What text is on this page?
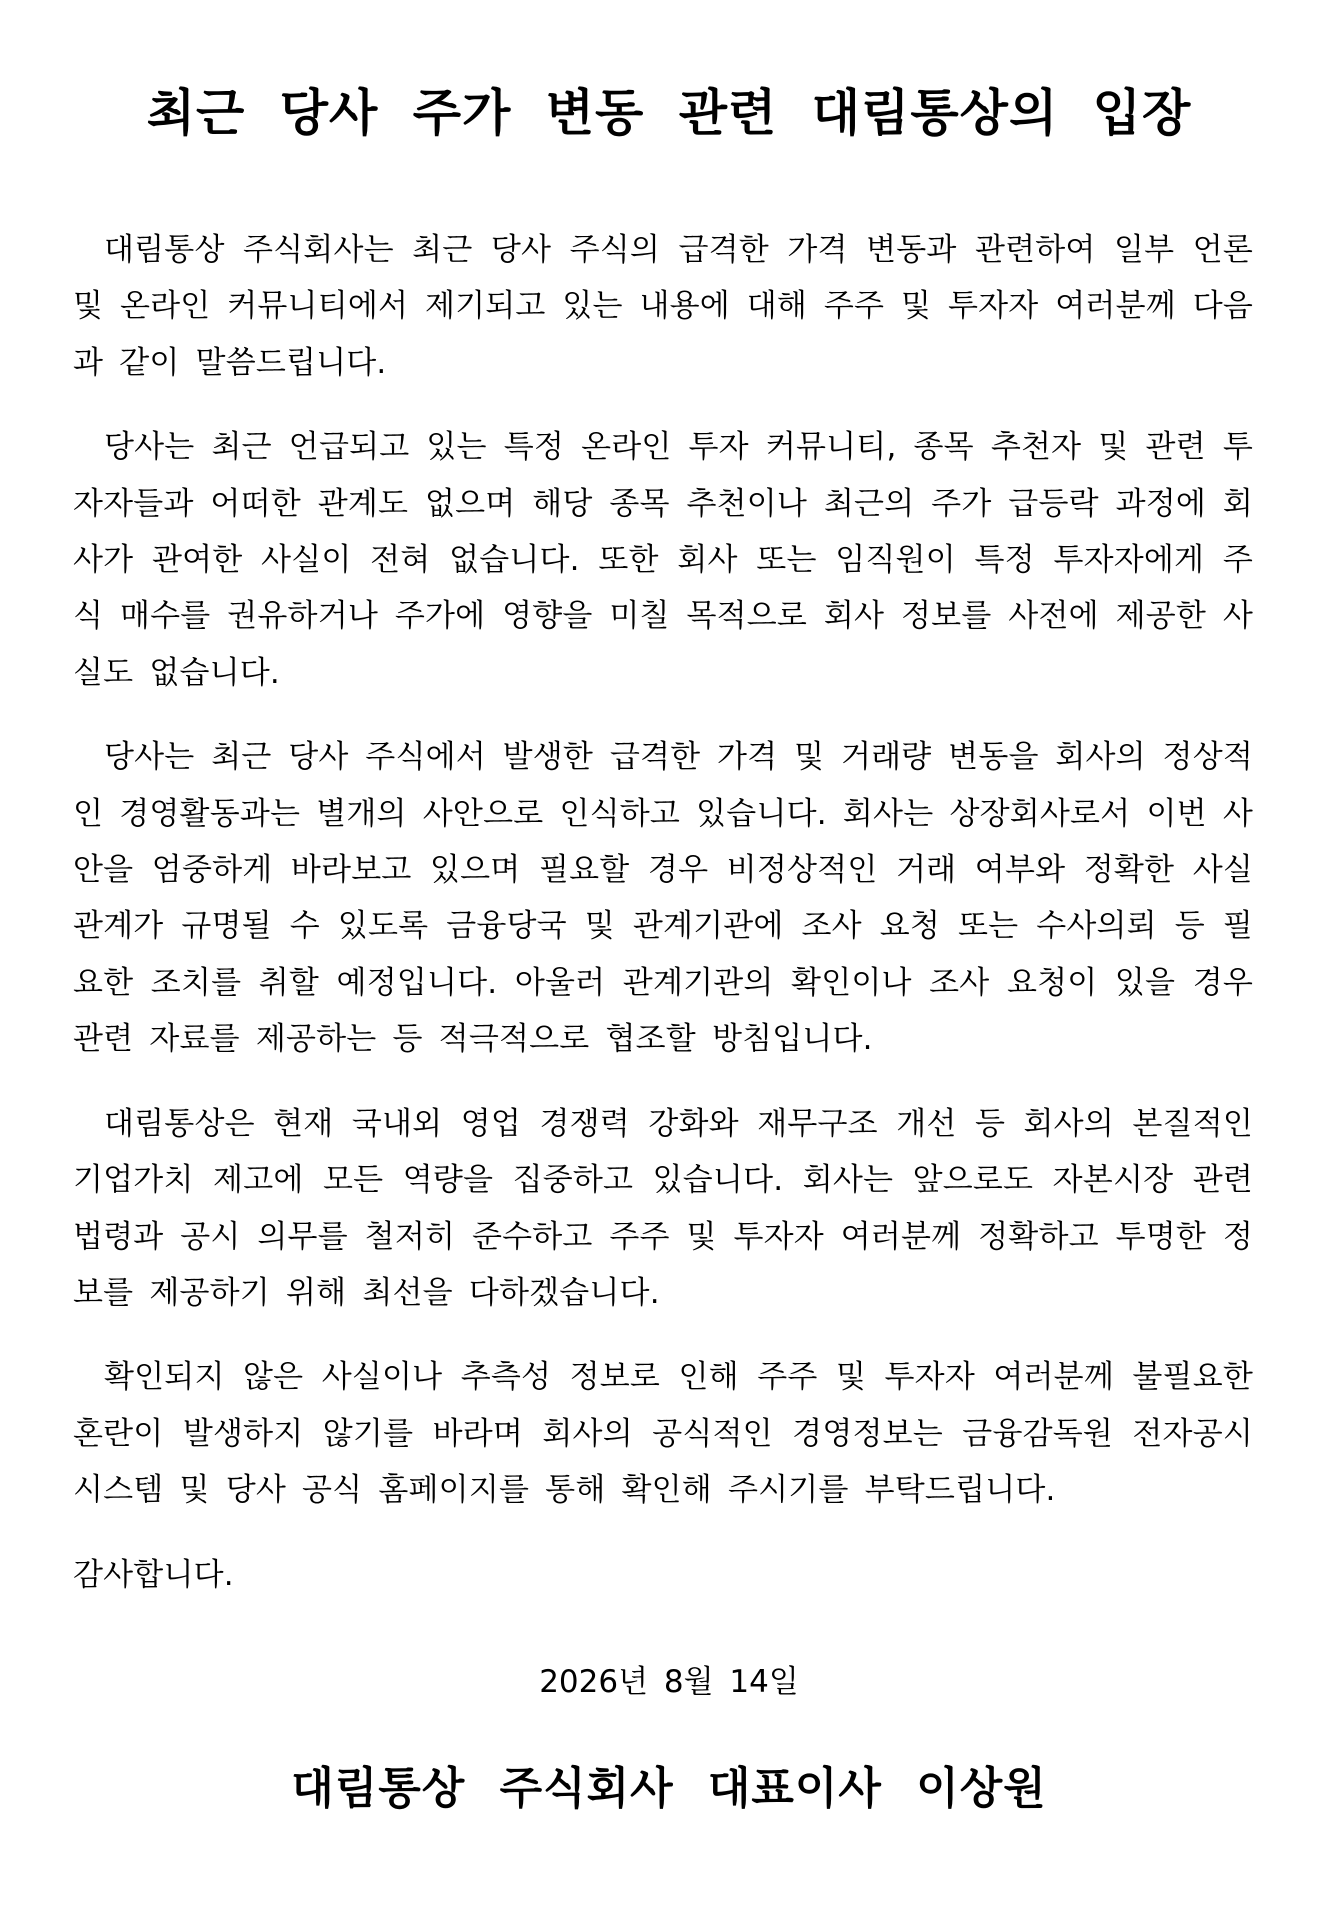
최근 당사 주가 변동 관련 대림통상의 입장

대림통상 주식회사는 최근 당사 주식의 급격한 가격 변동과 관련하여 일부 언론 및 온라인 커뮤니티에서 제기되고 있는 내용에 대해 주주 및 투자자 여러분께 다음과 같이 말씀드립니다.

당사는 최근 언급되고 있는 특정 온라인 투자 커뮤니티, 종목 추천자 및 관련 투자자들과 어떠한 관계도 없으며 해당 종목 추천이나 최근의 주가 급등락 과정에 회사가 관여한 사실이 전혀 없습니다. 또한 회사 또는 임직원이 특정 투자자에게 주식 매수를 권유하거나 주가에 영향을 미칠 목적으로 회사 정보를 사전에 제공한 사실도 없습니다.

당사는 최근 당사 주식에서 발생한 급격한 가격 및 거래량 변동을 회사의 정상적인 경영활동과는 별개의 사안으로 인식하고 있습니다. 회사는 상장회사로서 이번 사안을 엄중하게 바라보고 있으며 필요할 경우 비정상적인 거래 여부와 정확한 사실관계가 규명될 수 있도록 금융당국 및 관계기관에 조사 요청 또는 수사의뢰 등 필요한 조치를 취할 예정입니다. 아울러 관계기관의 확인이나 조사 요청이 있을 경우 관련 자료를 제공하는 등 적극적으로 협조할 방침입니다.

대림통상은 현재 국내외 영업 경쟁력 강화와 재무구조 개선 등 회사의 본질적인 기업가치 제고에 모든 역량을 집중하고 있습니다. 회사는 앞으로도 자본시장 관련 법령과 공시 의무를 철저히 준수하고 주주 및 투자자 여러분께 정확하고 투명한 정보를 제공하기 위해 최선을 다하겠습니다.

확인되지 않은 사실이나 추측성 정보로 인해 주주 및 투자자 여러분께 불필요한 혼란이 발생하지 않기를 바라며 회사의 공식적인 경영정보는 금융감독원 전자공시시스템 및 당사 공식 홈페이지를 통해 확인해 주시기를 부탁드립니다.

감사합니다.

2026년 8월 14일

대림통상 주식회사 대표이사 이상원
